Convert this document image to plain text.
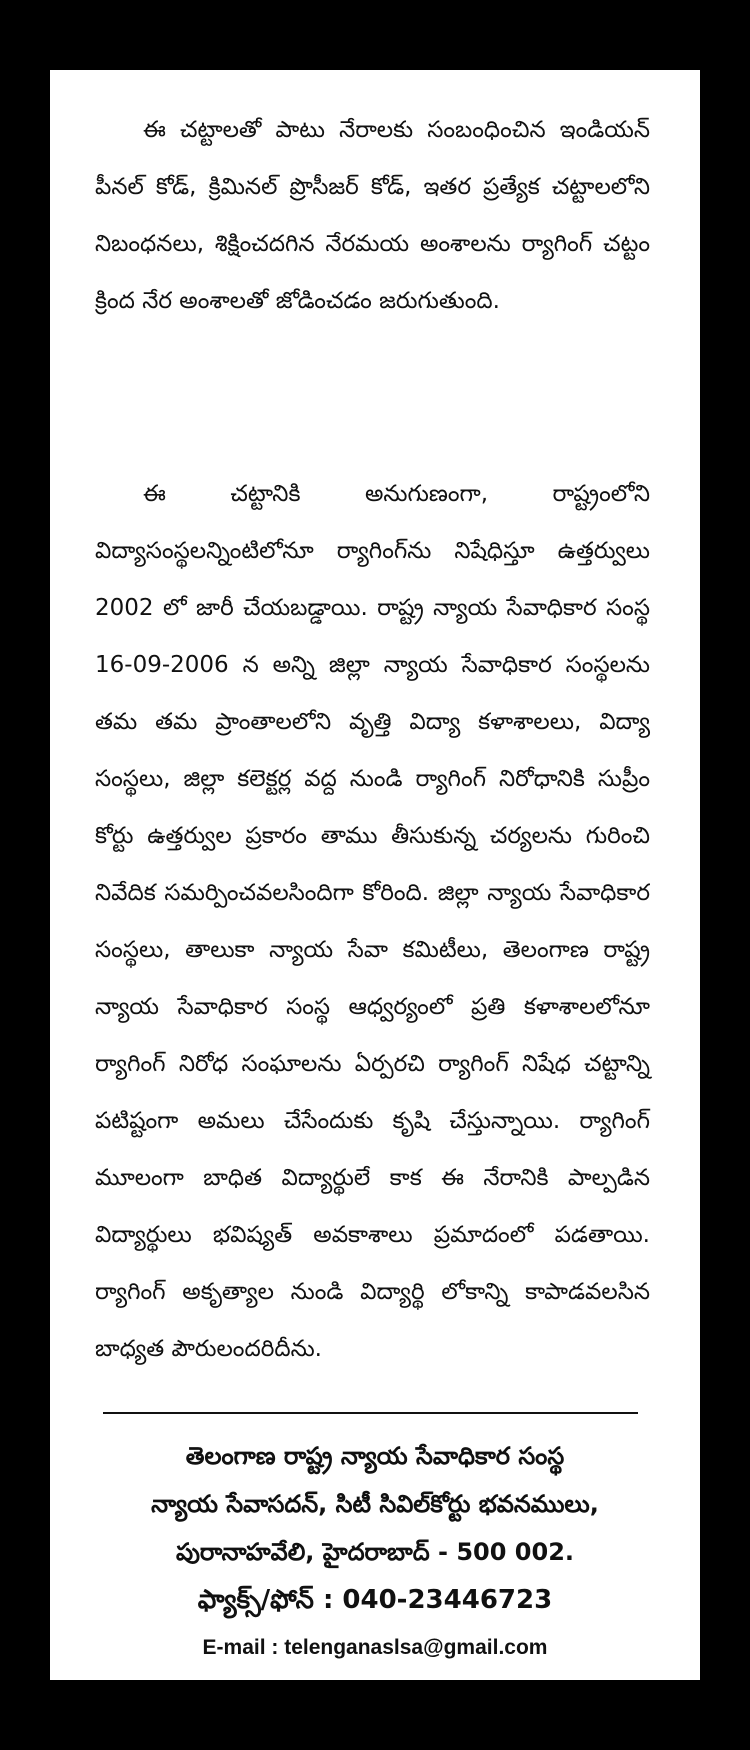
ఈ చట్టాలతో పాటు నేరాలకు సంబంధించిన ఇండియన్ పీనల్ కోడ్, క్రిమినల్ ప్రొసీజర్ కోడ్, ఇతర ప్రత్యేక చట్టాలలోని నిబంధనలు, శిక్షించదగిన నేరమయ అంశాలను ర్యాగింగ్ చట్టం క్రింద నేర అంశాలతో జోడించడం జరుగుతుంది.

ఈ చట్టానికి అనుగుణంగా, రాష్ట్రంలోని విద్యాసంస్థలన్నింటిలోనూ ర్యాగింగ్‌ను నిషేధిస్తూ ఉత్తర్వులు 2002 లో జారీ చేయబడ్డాయి. రాష్ట్ర న్యాయ సేవాధికార సంస్థ 16-09-2006 న అన్ని జిల్లా న్యాయ సేవాధికార సంస్థలను తమ తమ ప్రాంతాలలోని వృత్తి విద్యా కళాశాలలు, విద్యా సంస్థలు, జిల్లా కలెక్టర్ల వద్ద నుండి ర్యాగింగ్ నిరోధానికి సుప్రీం కోర్టు ఉత్తర్వుల ప్రకారం తాము తీసుకున్న చర్యలను గురించి నివేదిక సమర్పించవలసిందిగా కోరింది. జిల్లా న్యాయ సేవాధికార సంస్థలు, తాలుకా న్యాయ సేవా కమిటీలు, తెలంగాణ రాష్ట్ర న్యాయ సేవాధికార సంస్థ ఆధ్వర్యంలో ప్రతి కళాశాలలోనూ ర్యాగింగ్ నిరోధ సంఘాలను ఏర్పరచి ర్యాగింగ్ నిషేధ చట్టాన్ని పటిష్టంగా అమలు చేసేందుకు కృషి చేస్తున్నాయి. ర్యాగింగ్ మూలంగా బాధిత విద్యార్థులే కాక ఈ నేరానికి పాల్పడిన విద్యార్థులు భవిష్యత్ అవకాశాలు ప్రమాదంలో పడతాయి. ర్యాగింగ్ అకృత్యాల నుండి విద్యార్థి లోకాన్ని కాపాడవలసిన బాధ్యత పౌరులందరిదీను.

తెలంగాణ రాష్ట్ర న్యాయ సేవాధికార సంస్థ
న్యాయ సేవాసదన్, సిటీ సివిల్‌కోర్టు భవనములు,
పురానాహవేలి, హైదరాబాద్ - 500 002.
ఫ్యాక్స్/ఫోన్ : 040-23446723
E-mail : telenganaslsa@gmail.com
